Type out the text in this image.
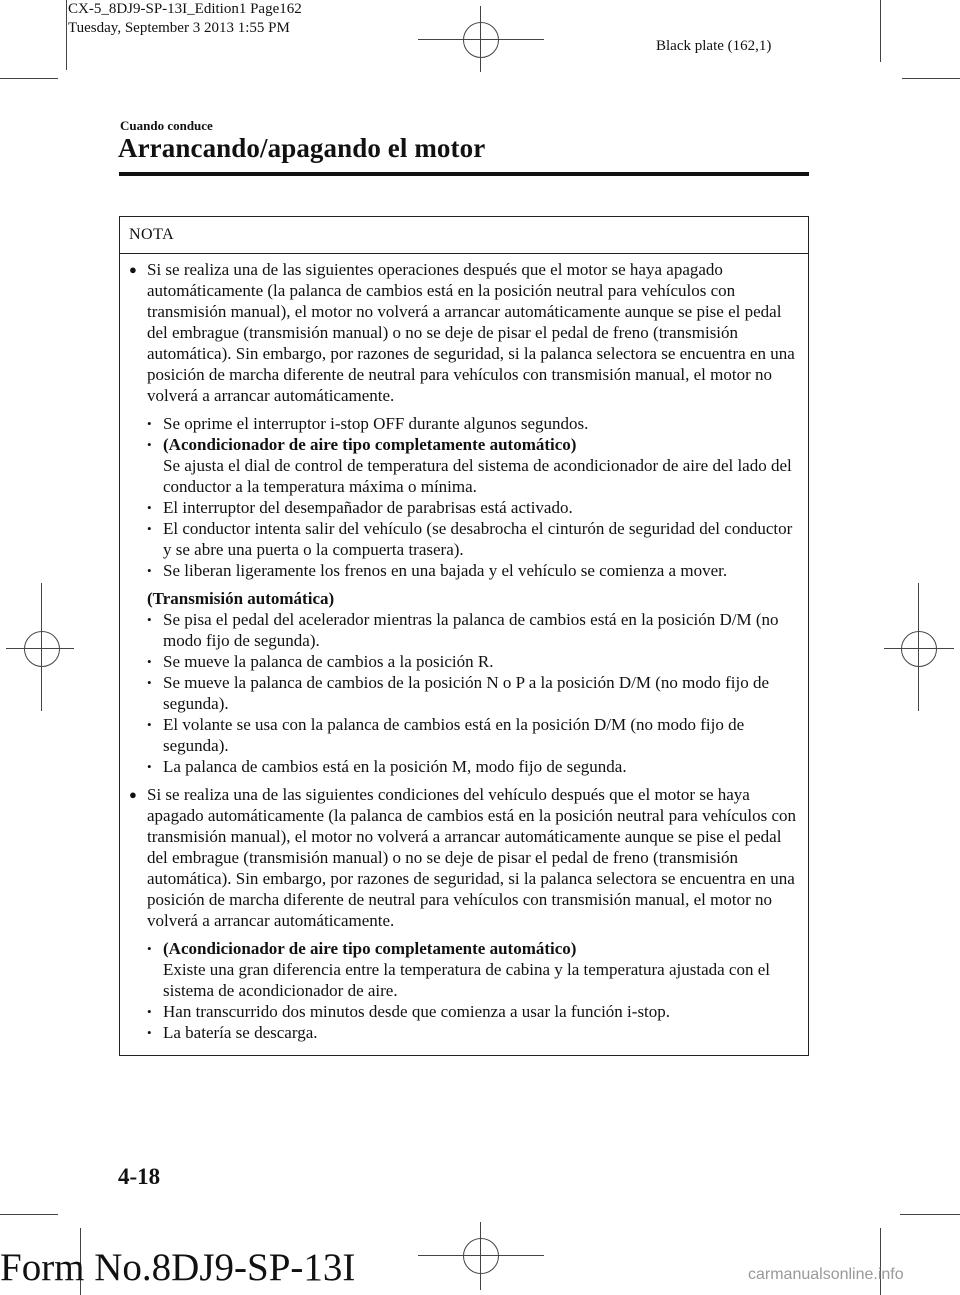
CX-5_8DJ9-SP-13I_Edition1 Page162
Tuesday, September 3 2013 1:55 PM
Black plate (162,1)
Cuando conduce
Arrancando/apagando el motor
NOTA

● Si se realiza una de las siguientes operaciones después que el motor se haya apagado automáticamente (la palanca de cambios está en la posición neutral para vehículos con transmisión manual), el motor no volverá a arrancar automáticamente aunque se pise el pedal del embrague (transmisión manual) o no se deje de pisar el pedal de freno (transmisión automática). Sin embargo, por razones de seguridad, si la palanca selectora se encuentra en una posición de marcha diferente de neutral para vehículos con transmisión manual, el motor no volverá a arrancar automáticamente.

• Se oprime el interruptor i-stop OFF durante algunos segundos.

• (Acondicionador de aire tipo completamente automático)
Se ajusta el dial de control de temperatura del sistema de acondicionador de aire del lado del conductor a la temperatura máxima o mínima.

• El interruptor del desempañador de parabrisas está activado.

• El conductor intenta salir del vehículo (se desabrocha el cinturón de seguridad del conductor y se abre una puerta o la compuerta trasera).

• Se liberan ligeramente los frenos en una bajada y el vehículo se comienza a mover.

(Transmisión automática)

• Se pisa el pedal del acelerador mientras la palanca de cambios está en la posición D/M (no modo fijo de segunda).

• Se mueve la palanca de cambios a la posición R.

• Se mueve la palanca de cambios de la posición N o P a la posición D/M (no modo fijo de segunda).

• El volante se usa con la palanca de cambios está en la posición D/M (no modo fijo de segunda).

• La palanca de cambios está en la posición M, modo fijo de segunda.

● Si se realiza una de las siguientes condiciones del vehículo después que el motor se haya apagado automáticamente (la palanca de cambios está en la posición neutral para vehículos con transmisión manual), el motor no volverá a arrancar automáticamente aunque se pise el pedal del embrague (transmisión manual) o no se deje de pisar el pedal de freno (transmisión automática). Sin embargo, por razones de seguridad, si la palanca selectora se encuentra en una posición de marcha diferente de neutral para vehículos con transmisión manual, el motor no volverá a arrancar automáticamente.

• (Acondicionador de aire tipo completamente automático)
Existe una gran diferencia entre la temperatura de cabina y la temperatura ajustada con el sistema de acondicionador de aire.

• Han transcurrido dos minutos desde que comienza a usar la función i-stop.

• La batería se descarga.

4-18
Form No.8DJ9-SP-13I	carmanualsonline.info
